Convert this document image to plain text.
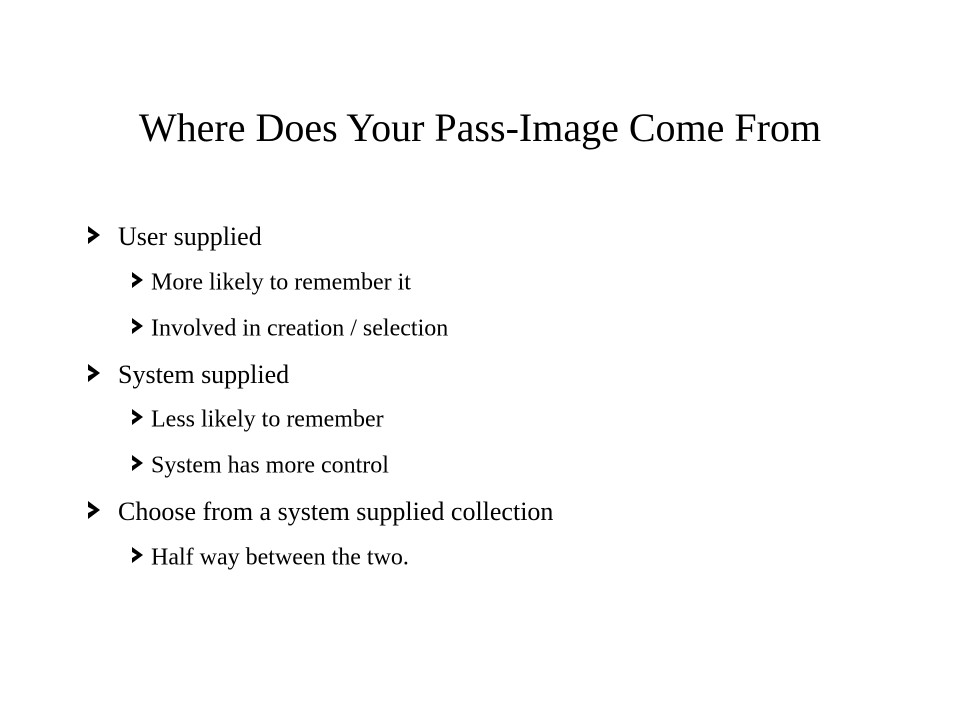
Where Does Your Pass-Image Come From
User supplied
More likely to remember it
Involved in creation / selection
System supplied
Less likely to remember
System has more control
Choose from a system supplied collection
Half way between the two.
